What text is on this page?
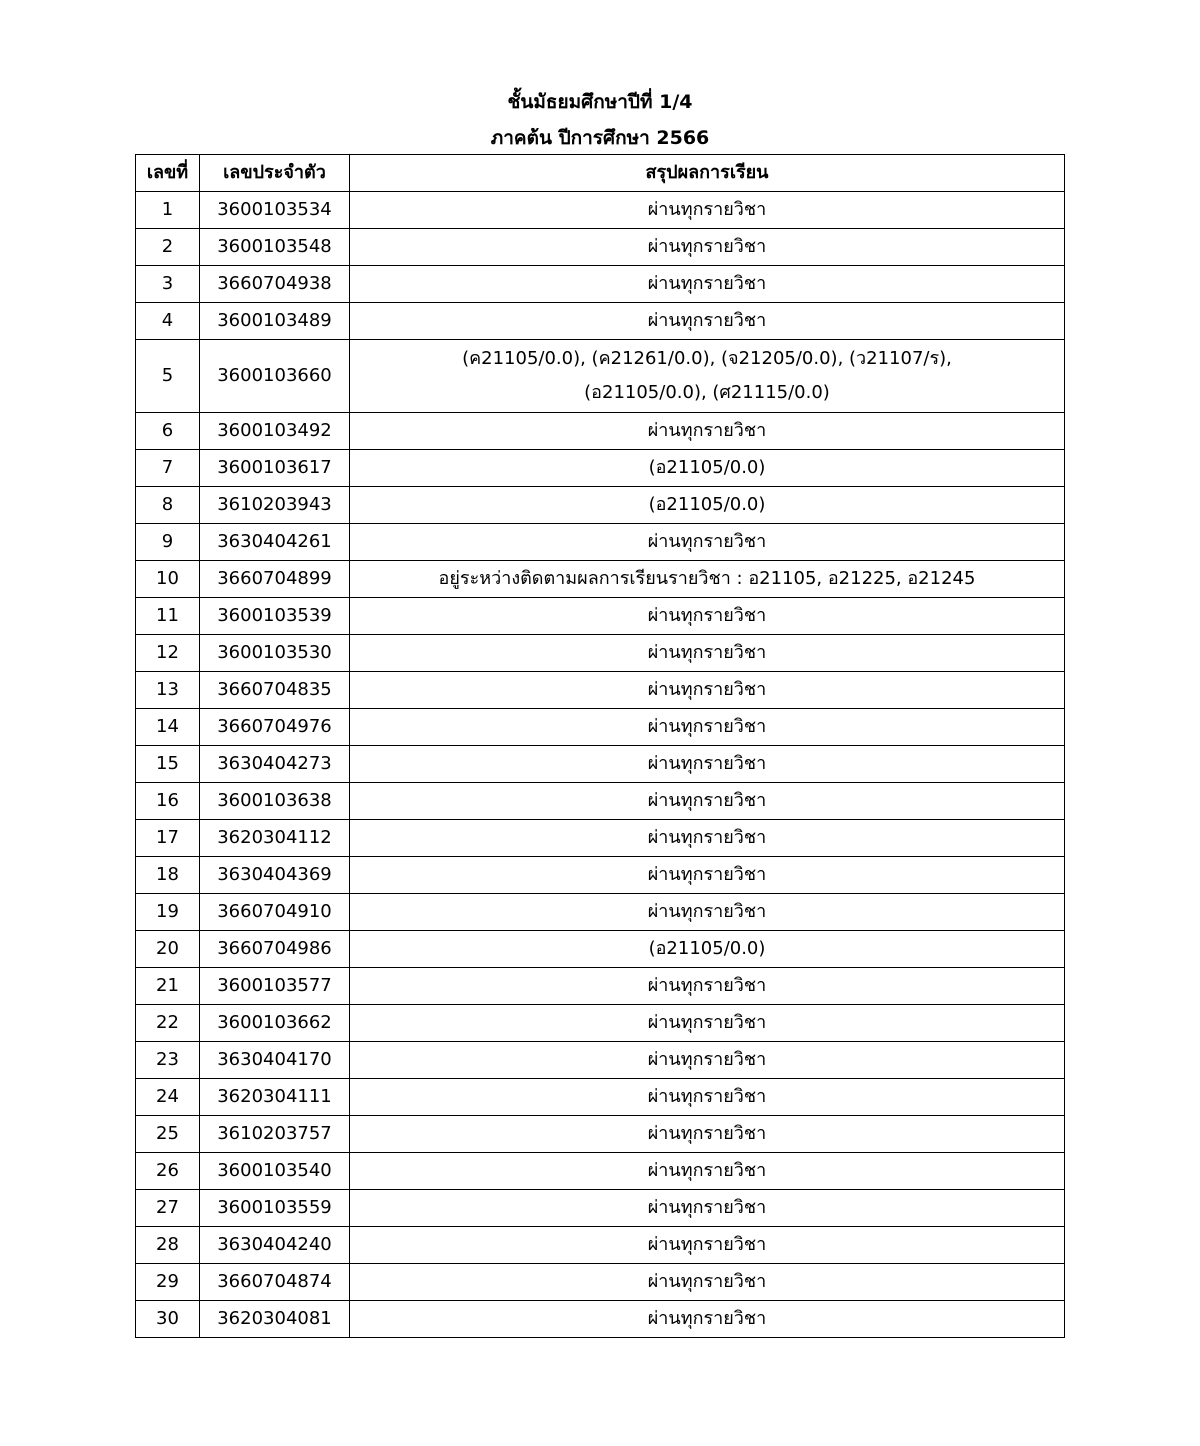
ชั้นมัธยมศึกษาปีที่ 1/4
ภาคต้น ปีการศึกษา 2566
เลขที่	เลขประจำตัว	สรุปผลการเรียน
1	3600103534	ผ่านทุกรายวิชา
2	3600103548	ผ่านทุกรายวิชา
3	3660704938	ผ่านทุกรายวิชา
4	3600103489	ผ่านทุกรายวิชา
5	3600103660	(ค21105/0.0), (ค21261/0.0), (จ21205/0.0), (ว21107/ร),
(อ21105/0.0), (ศ21115/0.0)

6	3600103492	ผ่านทุกรายวิชา
7	3600103617	(อ21105/0.0)
8	3610203943	(อ21105/0.0)
9	3630404261	ผ่านทุกรายวิชา
10	3660704899	อยู่ระหว่างติดตามผลการเรียนรายวิชา : อ21105, อ21225, อ21245
11	3600103539	ผ่านทุกรายวิชา
12	3600103530	ผ่านทุกรายวิชา
13	3660704835	ผ่านทุกรายวิชา
14	3660704976	ผ่านทุกรายวิชา
15	3630404273	ผ่านทุกรายวิชา
16	3600103638	ผ่านทุกรายวิชา
17	3620304112	ผ่านทุกรายวิชา
18	3630404369	ผ่านทุกรายวิชา
19	3660704910	ผ่านทุกรายวิชา
20	3660704986	(อ21105/0.0)
21	3600103577	ผ่านทุกรายวิชา
22	3600103662	ผ่านทุกรายวิชา
23	3630404170	ผ่านทุกรายวิชา
24	3620304111	ผ่านทุกรายวิชา
25	3610203757	ผ่านทุกรายวิชา
26	3600103540	ผ่านทุกรายวิชา
27	3600103559	ผ่านทุกรายวิชา
28	3630404240	ผ่านทุกรายวิชา
29	3660704874	ผ่านทุกรายวิชา
30	3620304081	ผ่านทุกรายวิชา
